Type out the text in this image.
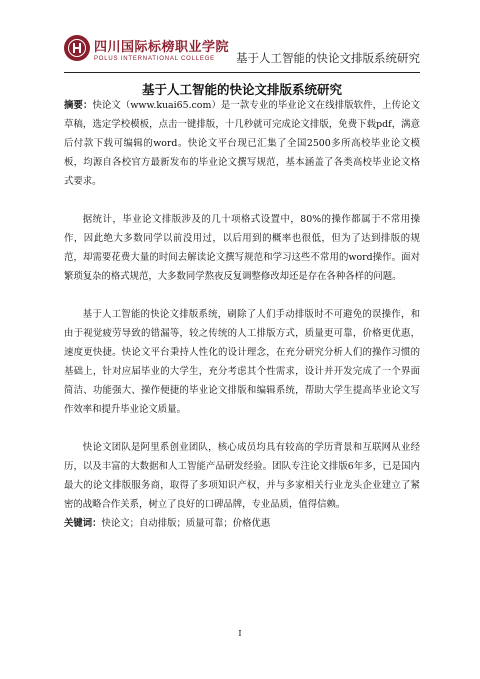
四川国际标榜职业学院
POLUS INTERNATIONAL COLLEGE	基于人工智能的快论文排版系统研究
基于人工智能的快论文排版系统研究

摘要：快论文（www.kuai65.com）是一款专业的毕业论文在线排版软件，上传论文草稿，选定学校模板，点击一键排版，十几秒就可完成论文排版，免费下载pdf，满意后付款下载可编辑的word。快论文平台现已汇集了全国2500多所高校毕业论文模板，均源自各校官方最新发布的毕业论文撰写规范，基本涵盖了各类高校毕业论文格式要求。

据统计，毕业论文排版涉及的几十项格式设置中，80%的操作都属于不常用操作，因此绝大多数同学以前没用过，以后用到的概率也很低，但为了达到排版的规范，却需要花费大量的时间去解读论文撰写规范和学习这些不常用的word操作。面对繁琐复杂的格式规范，大多数同学熬夜反复调整修改却还是存在各种各样的问题。

基于人工智能的快论文排版系统，刷除了人们手动排版时不可避免的误操作，和由于视觉疲劳导致的错漏等，较之传统的人工排版方式，质量更可靠，价格更优惠，速度更快捷。快论文平台秉持人性化的设计理念，在充分研究分析人们的操作习惯的基础上，针对应届毕业的大学生，充分考虑其个性需求，设计并开发完成了一个界面简洁、功能强大、操作便捷的毕业论文排版和编辑系统，帮助大学生提高毕业论文写作效率和提升毕业论文质量。

快论文团队是阿里系创业团队，核心成员均具有较高的学历背景和互联网从业经历，以及丰富的大数据和人工智能产品研发经验。团队专注论文排版6年多，已是国内最大的论文排版服务商，取得了多项知识产权，并与多家相关行业龙头企业建立了紧密的战略合作关系，树立了良好的口碑品牌，专业品质，值得信赖。

关键词：快论文；自动排版；质量可靠；价格优惠

I
